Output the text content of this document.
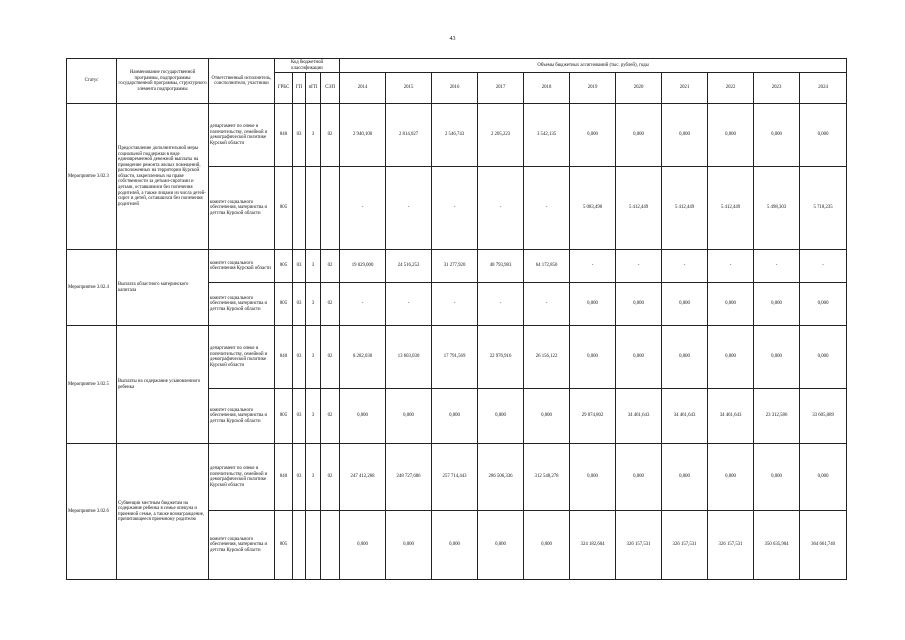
43
Статус	Наименование государственной программы, подпрограммы государственной программы, структурного элемента подпрограммы	Ответственный исполнитель, соисполнители, участники	Код бюджетной классификации				Объемы бюджетных ассигнований (тыс. рублей), годы										
			ГРБС	ГП	пГП	СЭП	2014	2015	2016	2017	2018	2019	2020	2021	2022	2023	2024
Мероприятие 3.02.3	Предоставление дополнительной меры социальной поддержки в виде единовременной денежной выплаты на проведение ремонта жилых помещений, расположенных на территории Курской области, закрепленных на праве собственности за детьми-сиротами и детьми, оставшимися без попечения родителей, а также лицами из числа детей-сирот и детей, оставшихся без попечения родителей	департамент по опеке и попечительству, семейной и демографической политике Курской области	840	03	3	02	2 940,100	2 814,027	2 546,743	2 205,223	3 542,135	0,000	0,000	0,000	0,000	0,000	0,000
		комитет социального обеспечения, материнства и детства Курской области	805				-	-	-	-	-	5 083,490	5 412,449	5 412,449	5 412,449	5 498,303	5 718,235
Мероприятие 3.02.4	Выплата областного материнского капитала	комитет социального обеспечения Курской области	805	03	3	02	19 029,000	24 516,252	31 277,920	48 793,983	64 172,850	-	-	-	-	-	-
		комитет социального обеспечения, материнства и детства Курской области	805	03	3	02	-	-	-	-	-	0,000	0,000	0,000	0,000	0,000	0,000
Мероприятие 3.02.5	Выплаты на содержание усыновленного ребенка	департамент по опеке и попечительству, семейной и демографической политике Курской области	840	03	3	02	8 282,030	13 603,030	17 791,569	22 976,916	26 156,122	0,000	0,000	0,000	0,000	0,000	0,000
		комитет социального обеспечения, материнства и детства Курской области	805	03	3	02	0,000	0,000	0,000	0,000	0,000	29 874,802	34 461,643	34 461,643	34 461,643	23 312,586	33 605,089
Мероприятие 3.02.6	Субвенции местным бюджетам на содержание ребенка в семье опекуна и приемной семье, а также вознаграждение, причитающееся приемному родителю	департамент по опеке и попечительству, семейной и демографической политике Курской области	840	03	3	02	247 412,268	248 727,686	257 714,443	286 506,336	312 548,278	0,000	0,000	0,000	0,000	0,000	0,000
		комитет социального обеспечения, материнства и детства Курской области	805				0,000	0,000	0,000	0,000	0,000	324 182,604	326 157,531	326 157,531	326 157,531	350 635,904	364 661,740
